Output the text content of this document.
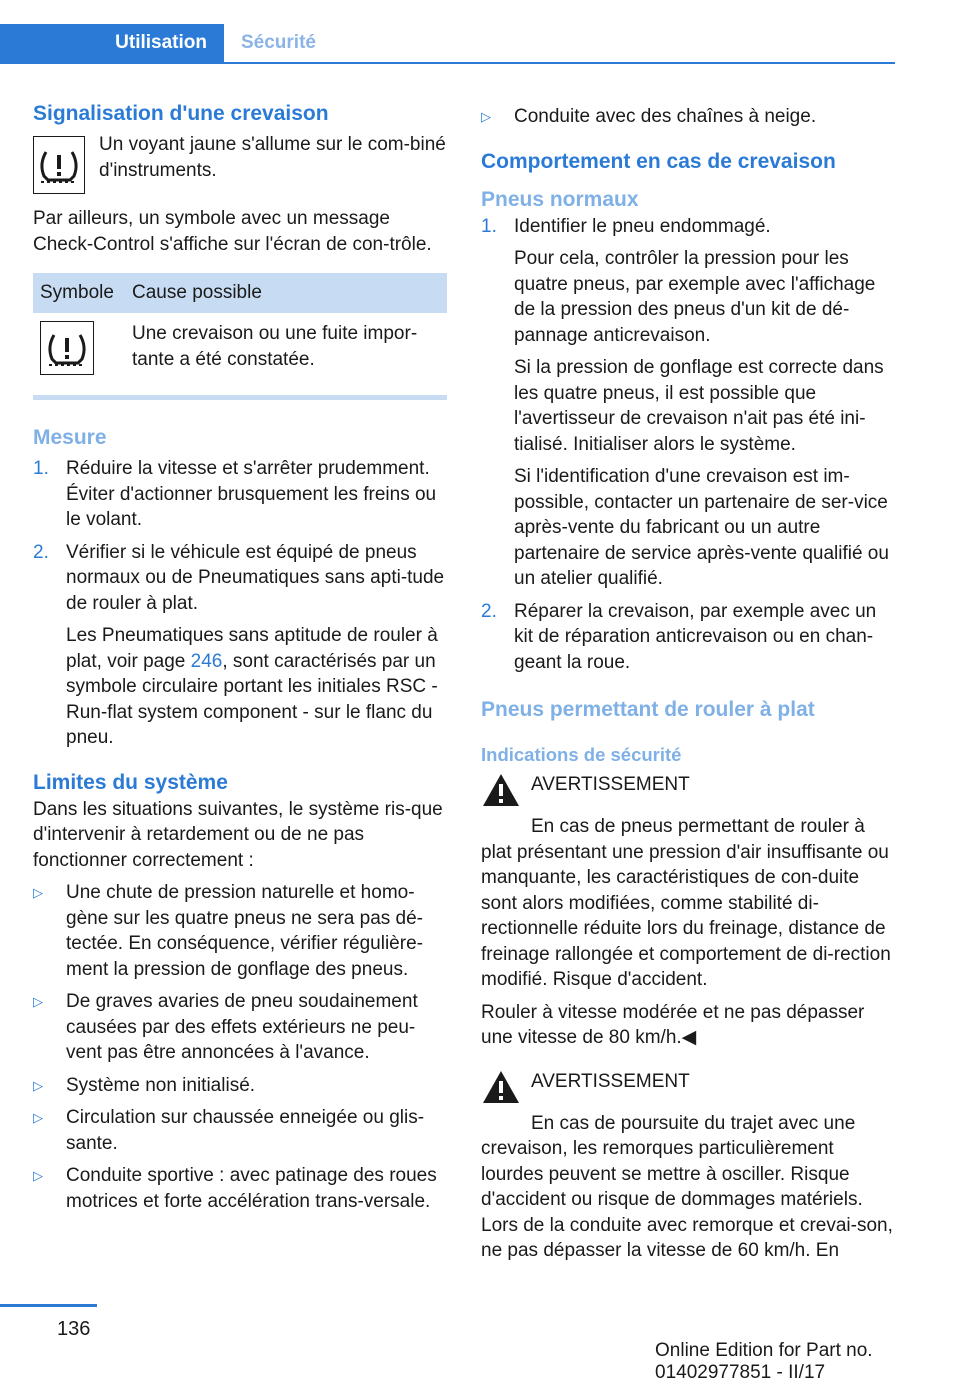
Utilisation	Sécurité
Signalisation d'une crevaison

Un voyant jaune s'allume sur le com‐biné d'instruments.

Par ailleurs, un symbole avec un message Check-Control s'affiche sur l'écran de con‐trôle.

Symbole	Cause possible

	Une crevaison ou une fuite impor‐tante a été constatée.
Mesure
1. Réduire la vitesse et s'arrêter prudemment. Éviter d'actionner brusquement les freins ou le volant.
2. Vérifier si le véhicule est équipé de pneus normaux ou de Pneumatiques sans apti‐tude de rouler à plat.

Les Pneumatiques sans aptitude de rouler à plat, voir page 246, sont caractérisés par un symbole circulaire portant les initiales RSC - Run-flat system component - sur le flanc du pneu.

Limites du système

Dans les situations suivantes, le système ris‐que d'intervenir à retardement ou de ne pas fonctionner correctement :

▷	Une chute de pression naturelle et homo‐gène sur les quatre pneus ne sera pas dé‐tectée. En conséquence, vérifier régulière‐ment la pression de gonflage des pneus.
▷	De graves avaries de pneu soudainement causées par des effets extérieurs ne peu‐vent pas être annoncées à l'avance.
▷	Système non initialisé.
▷	Circulation sur chaussée enneigée ou glis‐sante.
▷	Conduite sportive : avec patinage des roues motrices et forte accélération trans‐versale.
▷	Conduite avec des chaînes à neige.
Comportement en cas de crevaison
Pneus normaux
1. Identifier le pneu endommagé.

Pour cela, contrôler la pression pour les quatre pneus, par exemple avec l'affichage de la pression des pneus d'un kit de dé‐pannage anticrevaison.

Si la pression de gonflage est correcte dans les quatre pneus, il est possible que l'avertisseur de crevaison n'ait pas été ini‐tialisé. Initialiser alors le système.

Si l'identification d'une crevaison est im‐possible, contacter un partenaire de ser‐vice après-vente du fabricant ou un autre partenaire de service après-vente qualifié ou un atelier qualifié.

2. Réparer la crevaison, par exemple avec un kit de réparation anticrevaison ou en chan‐geant la roue.
Pneus permettant de rouler à plat
Indications de sécurité

AVERTISSEMENT

En cas de pneus permettant de rouler à plat présentant une pression d'air insuffisante ou manquante, les caractéristiques de con‐duite sont alors modifiées, comme stabilité di‐rectionnelle réduite lors du freinage, distance de freinage rallongée et comportement de di‐rection modifié. Risque d'accident.

Rouler à vitesse modérée et ne pas dépasser une vitesse de 80 km/h.◀

AVERTISSEMENT

En cas de poursuite du trajet avec une crevaison, les remorques particulièrement lourdes peuvent se mettre à osciller. Risque d'accident ou risque de dommages matériels. Lors de la conduite avec remorque et crevai‐son, ne pas dépasser la vitesse de 60 km/h. En

136
Online Edition for Part no. 01402977851 - II/17
